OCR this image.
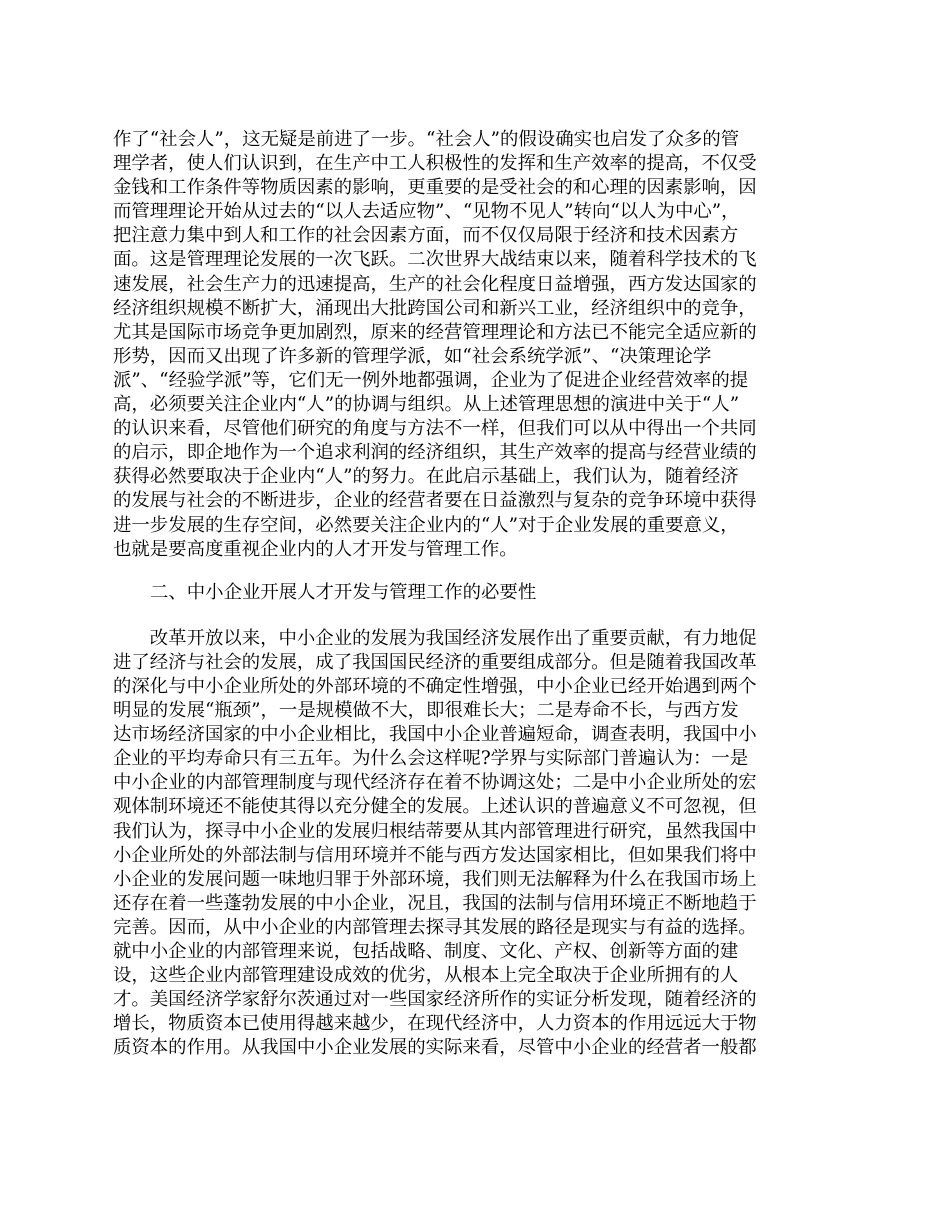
作了“社会人”，这无疑是前进了一步。“社会人”的假设确实也启发了众多的管
理学者，使人们认识到，在生产中工人积极性的发挥和生产效率的提高，不仅受
金钱和工作条件等物质因素的影响，更重要的是受社会的和心理的因素影响，因
而管理理论开始从过去的“以人去适应物”、“见物不见人”转向“以人为中心”，
把注意力集中到人和工作的社会因素方面，而不仅仅局限于经济和技术因素方
面。这是管理理论发展的一次飞跃。二次世界大战结束以来，随着科学技术的飞
速发展，社会生产力的迅速提高，生产的社会化程度日益增强，西方发达国家的
经济组织规模不断扩大，涌现出大批跨国公司和新兴工业，经济组织中的竞争，
尤其是国际市场竞争更加剧烈，原来的经营管理理论和方法已不能完全适应新的
形势，因而又出现了许多新的管理学派，如“社会系统学派”、“决策理论学
派”、“经验学派”等，它们无一例外地都强调，企业为了促进企业经营效率的提
高，必须要关注企业内“人”的协调与组织。从上述管理思想的演进中关于“人”
的认识来看，尽管他们研究的角度与方法不一样，但我们可以从中得出一个共同
的启示，即企地作为一个追求利润的经济组织，其生产效率的提高与经营业绩的
获得必然要取决于企业内“人”的努力。在此启示基础上，我们认为，随着经济
的发展与社会的不断进步，企业的经营者要在日益激烈与复杂的竞争环境中获得
进一步发展的生存空间，必然要关注企业内的“人”对于企业发展的重要意义，
也就是要高度重视企业内的人才开发与管理工作。

二、中小企业开展人才开发与管理工作的必要性

　　改革开放以来，中小企业的发展为我国经济发展作出了重要贡献，有力地促
进了经济与社会的发展，成了我国国民经济的重要组成部分。但是随着我国改革
的深化与中小企业所处的外部环境的不确定性增强，中小企业已经开始遇到两个
明显的发展“瓶颈”，一是规模做不大，即很难长大；二是寿命不长，与西方发
达市场经济国家的中小企业相比，我国中小企业普遍短命，调查表明，我国中小
企业的平均寿命只有三五年。为什么会这样呢?学界与实际部门普遍认为：一是
中小企业的内部管理制度与现代经济存在着不协调这处；二是中小企业所处的宏
观体制环境还不能使其得以充分健全的发展。上述认识的普遍意义不可忽视，但
我们认为，探寻中小企业的发展归根结蒂要从其内部管理进行研究，虽然我国中
小企业所处的外部法制与信用环境并不能与西方发达国家相比，但如果我们将中
小企业的发展问题一味地归罪于外部环境，我们则无法解释为什么在我国市场上
还存在着一些蓬勃发展的中小企业，况且，我国的法制与信用环境正不断地趋于
完善。因而，从中小企业的内部管理去探寻其发展的路径是现实与有益的选择。
就中小企业的内部管理来说，包括战略、制度、文化、产权、创新等方面的建
设，这些企业内部管理建设成效的优劣，从根本上完全取决于企业所拥有的人
才。美国经济学家舒尔茨通过对一些国家经济所作的实证分析发现，随着经济的
增长，物质资本已使用得越来越少，在现代经济中，人力资本的作用远远大于物
质资本的作用。从我国中小企业发展的实际来看，尽管中小企业的经营者一般都
